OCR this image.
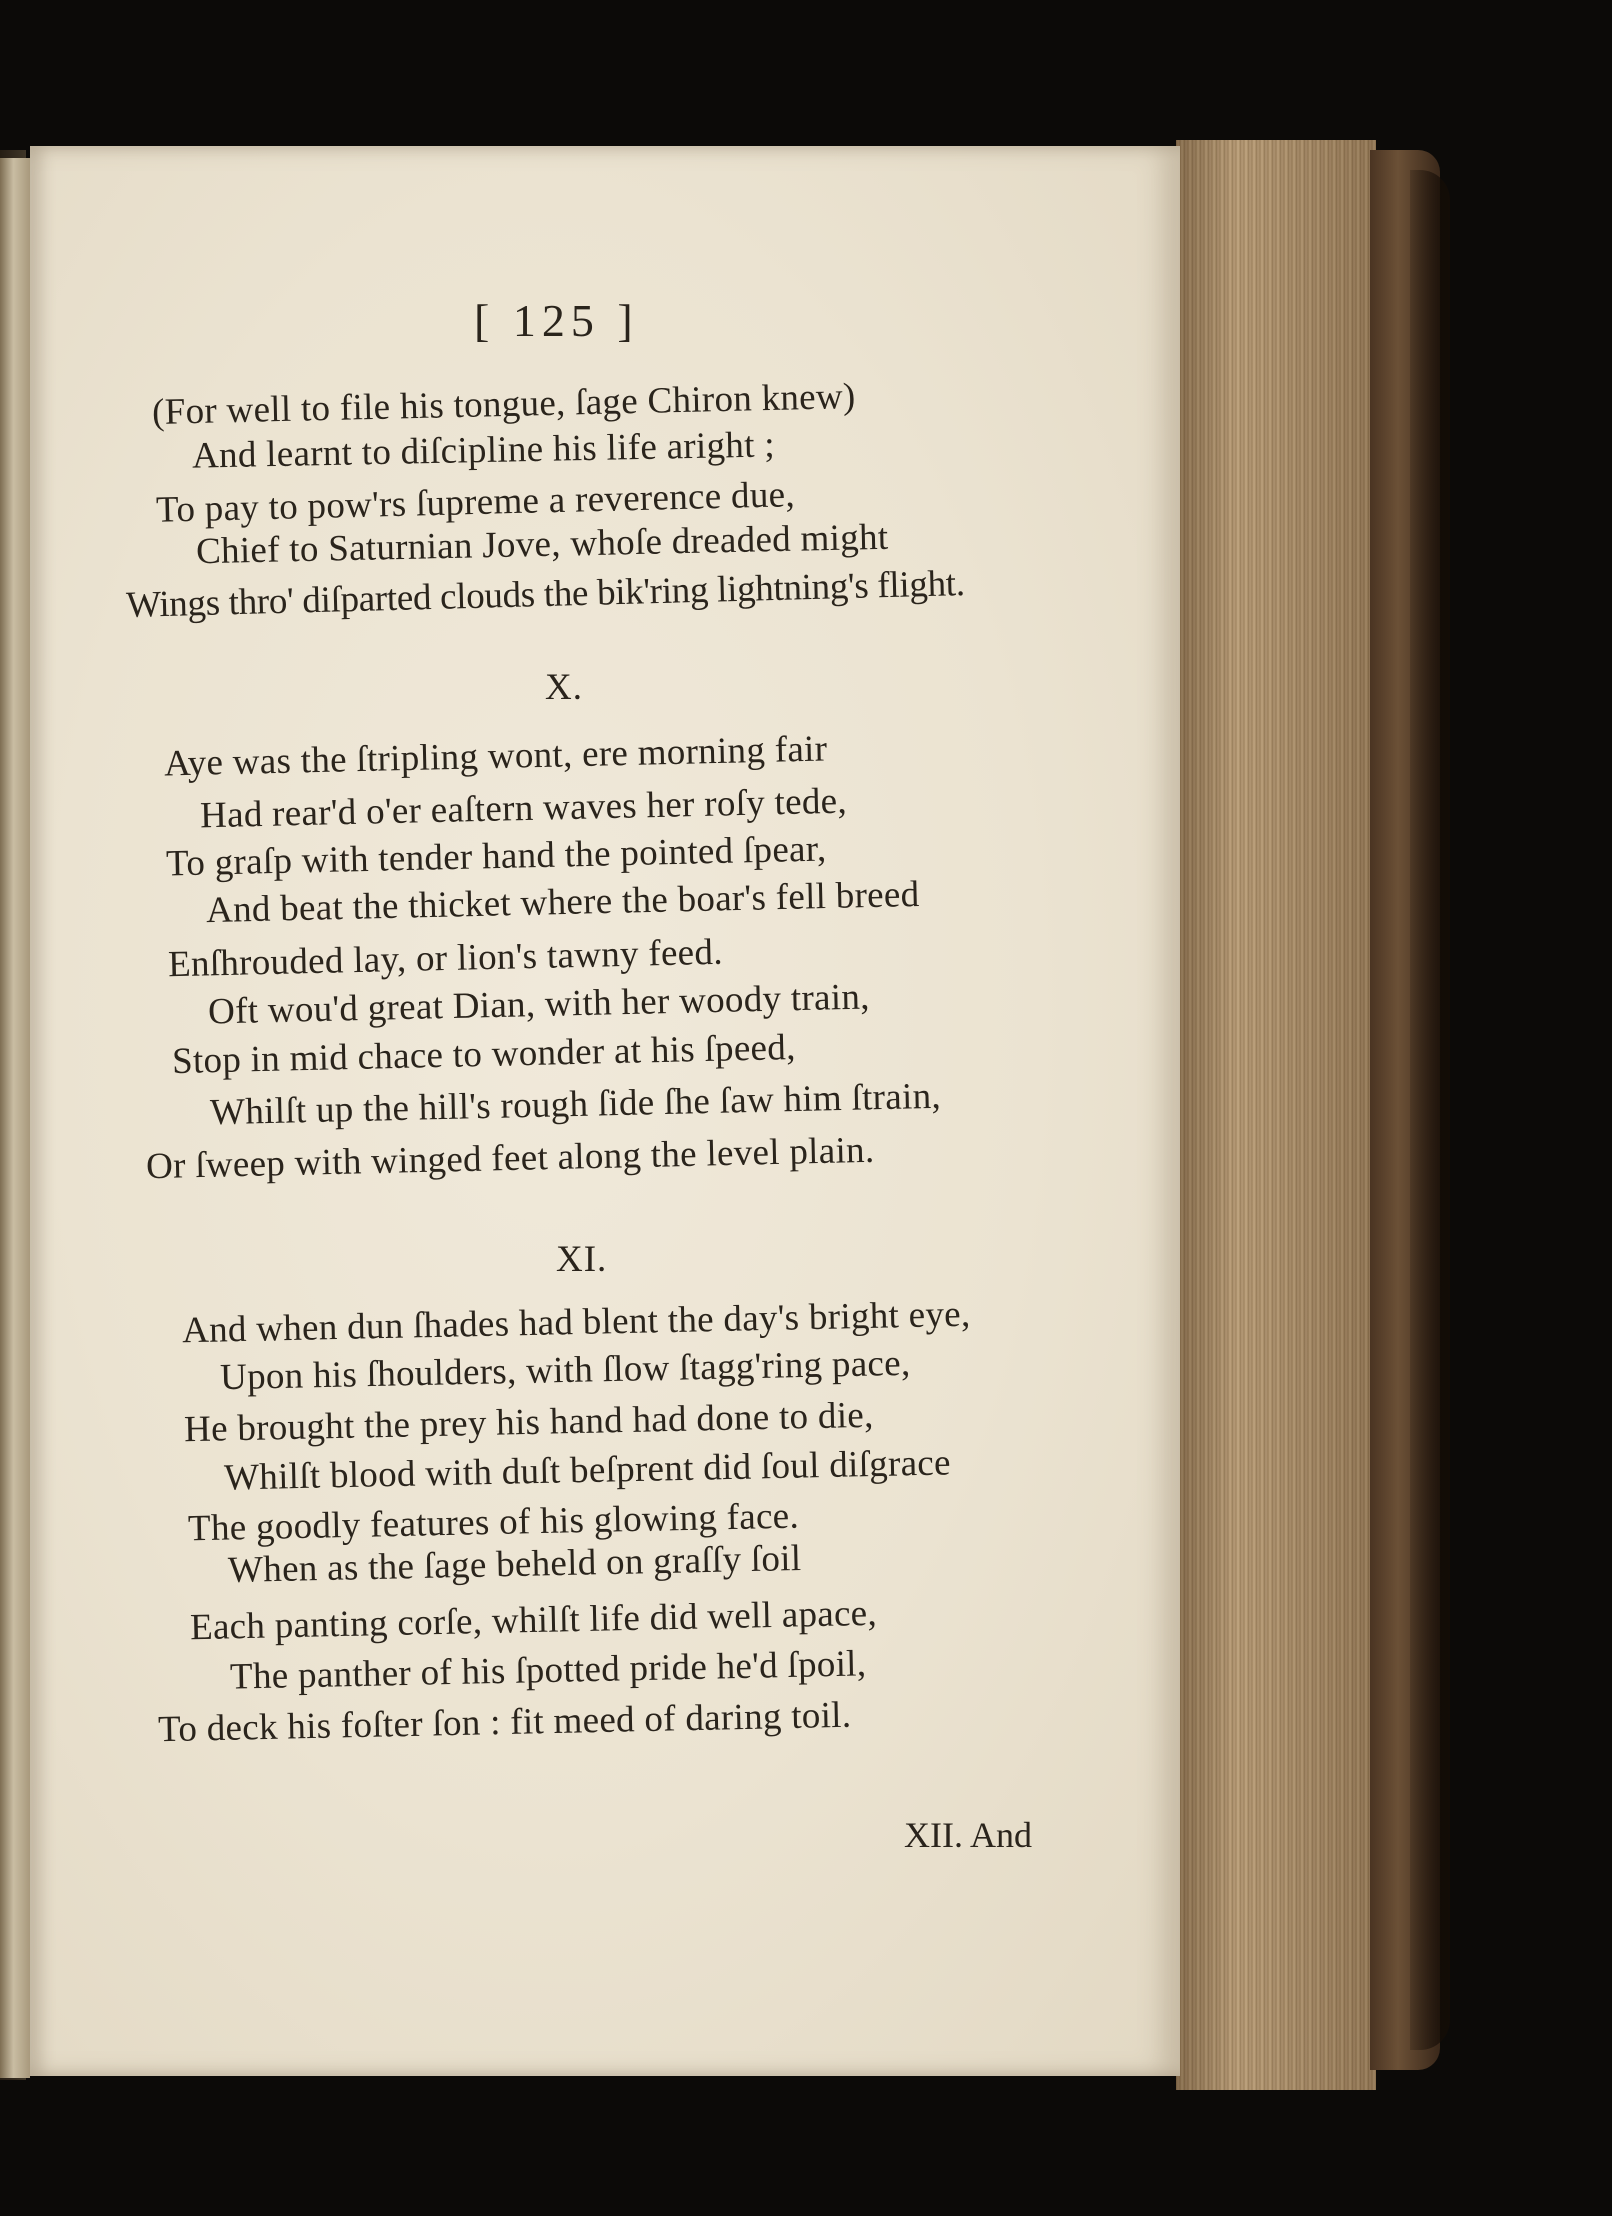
[ 125 ]

(For well to file his tongue, ſage Chiron knew)

And learnt to diſcipline his life aright ;

To pay to pow'rs ſupreme a reverence due,

Chief to Saturnian Jove, whoſe dreaded might

Wings thro' diſparted clouds the bik'ring lightning's flight.

X.

Aye was the ſtripling wont, ere morning fair

Had rear'd o'er eaſtern waves her roſy tede,

To graſp with tender hand the pointed ſpear,

And beat the thicket where the boar's fell breed

Enſhrouded lay, or lion's tawny feed.

Oft wou'd great Dian, with her woody train,

Stop in mid chace to wonder at his ſpeed,

Whilſt up the hill's rough ſide ſhe ſaw him ſtrain,

Or ſweep with winged feet along the level plain.

XI.

And when dun ſhades had blent the day's bright eye,

Upon his ſhoulders, with ſlow ſtagg'ring pace,

He brought the prey his hand had done to die,

Whilſt blood with duſt beſprent did ſoul diſgrace

The goodly features of his glowing face.

When as the ſage beheld on graſſy ſoil

Each panting corſe, whilſt life did well apace,

The panther of his ſpotted pride he'd ſpoil,

To deck his foſter ſon : fit meed of daring toil.

XII. And
